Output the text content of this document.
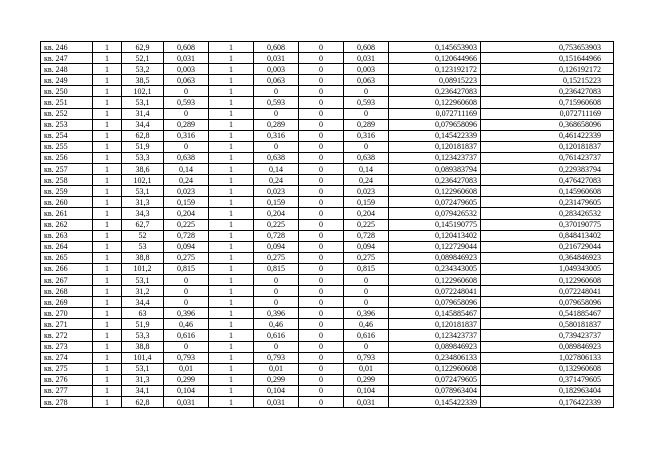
кв. 246	1	62,9	0,608	1	0,608	0	0,608	0,145653903	0,753653903
кв. 247	1	52,1	0,031	1	0,031	0	0,031	0,120644966	0,151644966
кв. 248	1	53,2	0,003	1	0,003	0	0,003	0,123192172	0,126192172
кв. 249	1	38,5	0,063	1	0,063	0	0,063	0,08915223	0,15215223
кв. 250	1	102,1	0	1	0	0	0	0,236427083	0,236427083
кв. 251	1	53,1	0,593	1	0,593	0	0,593	0,122960608	0,715960608
кв. 252	1	31,4	0	1	0	0	0	0,072711169	0,072711169
кв. 253	1	34,4	0,289	1	0,289	0	0,289	0,079658096	0,368658096
кв. 254	1	62,8	0,316	1	0,316	0	0,316	0,145422339	0,461422339
кв. 255	1	51,9	0	1	0	0	0	0,120181837	0,120181837
кв. 256	1	53,3	0,638	1	0,638	0	0,638	0,123423737	0,761423737
кв. 257	1	38,6	0,14	1	0,14	0	0,14	0,089383794	0,229383794
кв. 258	1	102,1	0,24	1	0,24	0	0,24	0,236427083	0,476427083
кв. 259	1	53,1	0,023	1	0,023	0	0,023	0,122960608	0,145960608
кв. 260	1	31,3	0,159	1	0,159	0	0,159	0,072479605	0,231479605
кв. 261	1	34,3	0,204	1	0,204	0	0,204	0,079426532	0,283426532
кв. 262	1	62,7	0,225	1	0,225	0	0,225	0,145190775	0,370190775
кв. 263	1	52	0,728	1	0,728	0	0,728	0,120413402	0,848413402
кв. 264	1	53	0,094	1	0,094	0	0,094	0,122729044	0,216729044
кв. 265	1	38,8	0,275	1	0,275	0	0,275	0,089846923	0,364846923
кв. 266	1	101,2	0,815	1	0,815	0	0,815	0,234343005	1,049343005
кв. 267	1	53,1	0	1	0	0	0	0,122960608	0,122960608
кв. 268	1	31,2	0	1	0	0	0	0,072248041	0,072248041
кв. 269	1	34,4	0	1	0	0	0	0,079658096	0,079658096
кв. 270	1	63	0,396	1	0,396	0	0,396	0,145885467	0,541885467
кв. 271	1	51,9	0,46	1	0,46	0	0,46	0,120181837	0,580181837
кв. 272	1	53,3	0,616	1	0,616	0	0,616	0,123423737	0,739423737
кв. 273	1	38,8	0	1	0	0	0	0,089846923	0,089846923
кв. 274	1	101,4	0,793	1	0,793	0	0,793	0,234806133	1,027806133
кв. 275	1	53,1	0,01	1	0,01	0	0,01	0,122960608	0,132960608
кв. 276	1	31,3	0,299	1	0,299	0	0,299	0,072479605	0,371479605
кв. 277	1	34,1	0,104	1	0,104	0	0,104	0,078963404	0,182963404
кв. 278	1	62,8	0,031	1	0,031	0	0,031	0,145422339	0,176422339
